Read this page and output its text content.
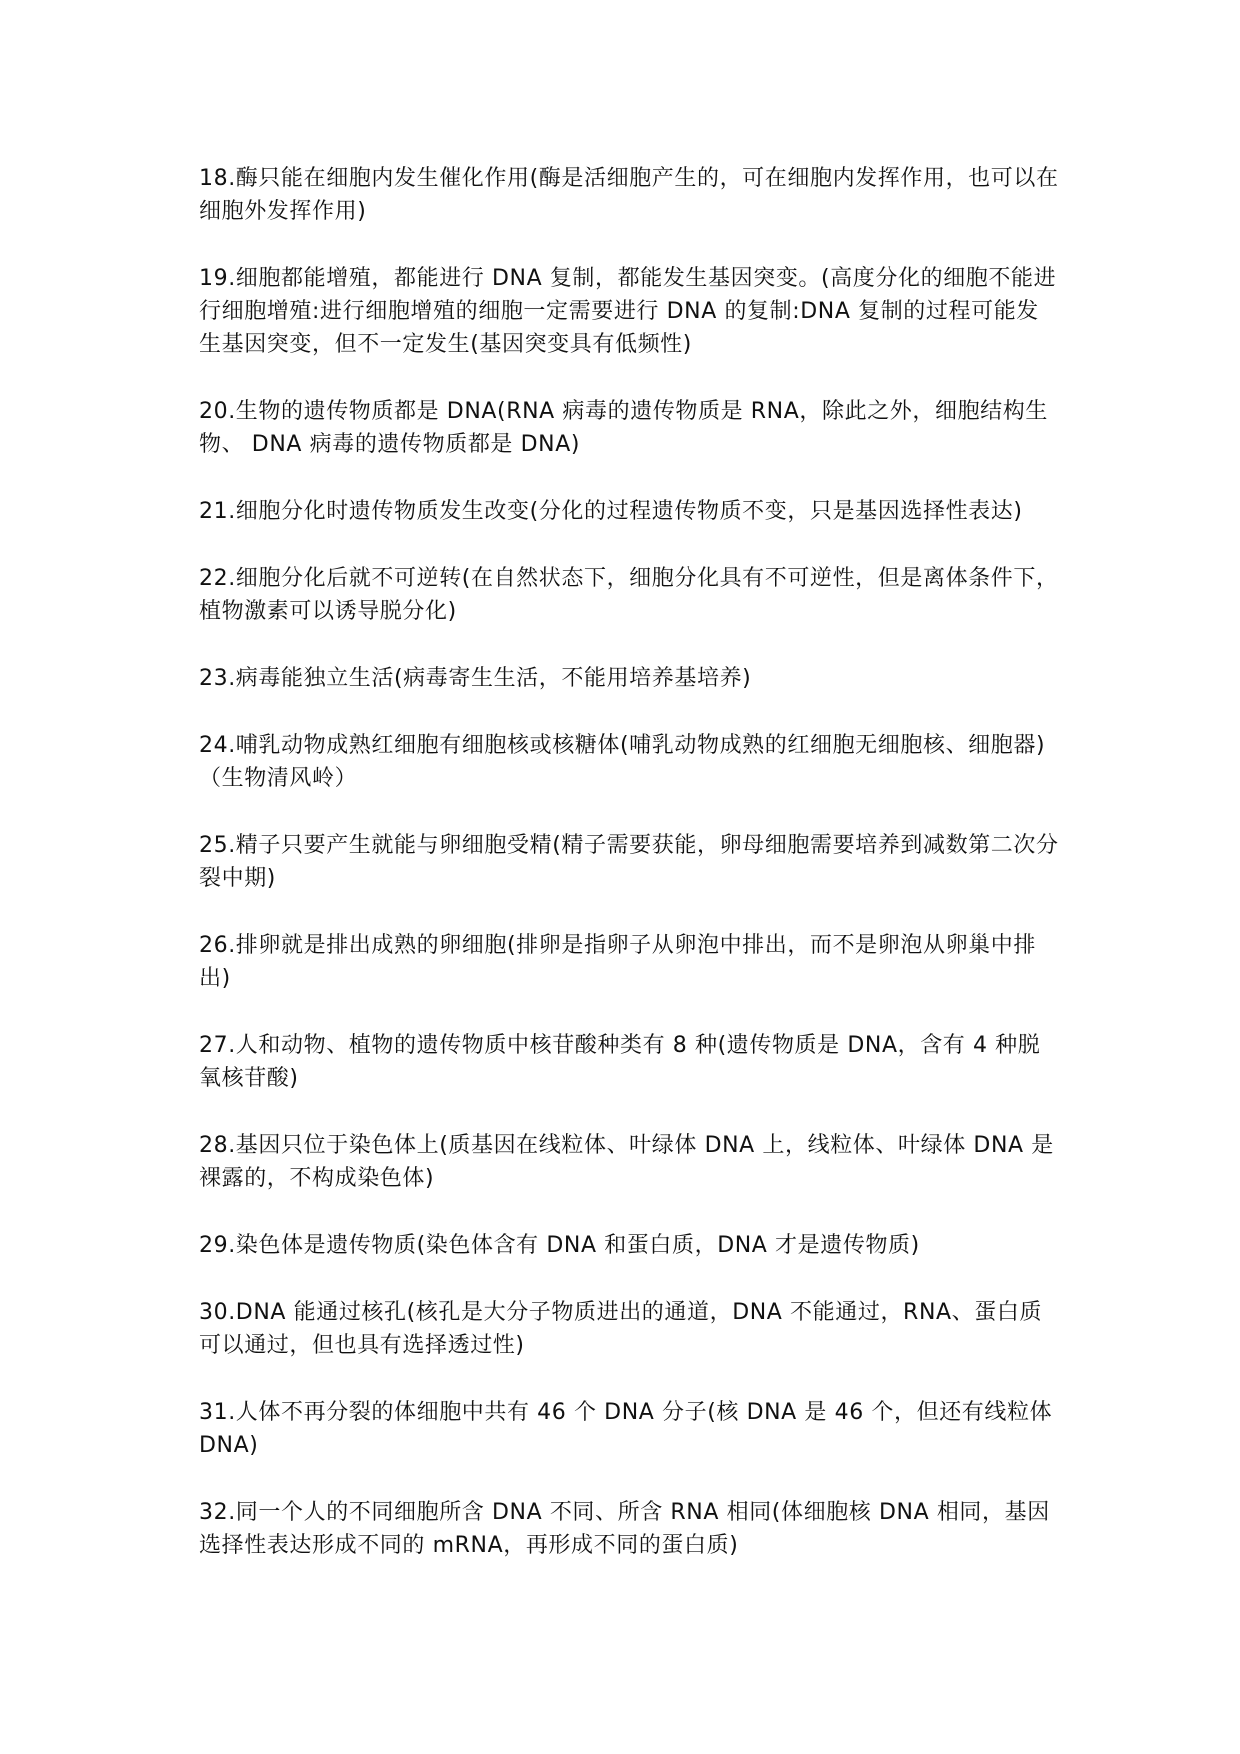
18.酶只能在细胞内发生催化作用(酶是活细胞产生的，可在细胞内发挥作用，也可以在细胞外发挥作用)

19.细胞都能增殖，都能进行 DNA 复制，都能发生基因突变。(高度分化的细胞不能进行细胞增殖:进行细胞增殖的细胞一定需要进行 DNA 的复制:DNA 复制的过程可能发生基因突变，但不一定发生(基因突变具有低频性)

20.生物的遗传物质都是 DNA(RNA 病毒的遗传物质是 RNA，除此之外，细胞结构生物、 DNA 病毒的遗传物质都是 DNA)

21.细胞分化时遗传物质发生改变(分化的过程遗传物质不变，只是基因选择性表达)

22.细胞分化后就不可逆转(在自然状态下，细胞分化具有不可逆性，但是离体条件下，植物激素可以诱导脱分化)

23.病毒能独立生活(病毒寄生生活，不能用培养基培养)

24.哺乳动物成熟红细胞有细胞核或核糖体(哺乳动物成熟的红细胞无细胞核、细胞器)（生物清风岭）

25.精子只要产生就能与卵细胞受精(精子需要获能，卵母细胞需要培养到减数第二次分裂中期)

26.排卵就是排出成熟的卵细胞(排卵是指卵子从卵泡中排出，而不是卵泡从卵巢中排出)

27.人和动物、植物的遗传物质中核苷酸种类有 8 种(遗传物质是 DNA，含有 4 种脱氧核苷酸)

28.基因只位于染色体上(质基因在线粒体、叶绿体 DNA 上，线粒体、叶绿体 DNA 是裸露的，不构成染色体)

29.染色体是遗传物质(染色体含有 DNA 和蛋白质，DNA 才是遗传物质)

30.DNA 能通过核孔(核孔是大分子物质进出的通道，DNA 不能通过，RNA、蛋白质可以通过，但也具有选择透过性)

31.人体不再分裂的体细胞中共有 46 个 DNA 分子(核 DNA 是 46 个，但还有线粒体 DNA)

32.同一个人的不同细胞所含 DNA 不同、所含 RNA 相同(体细胞核 DNA 相同，基因选择性表达形成不同的 mRNA，再形成不同的蛋白质)
